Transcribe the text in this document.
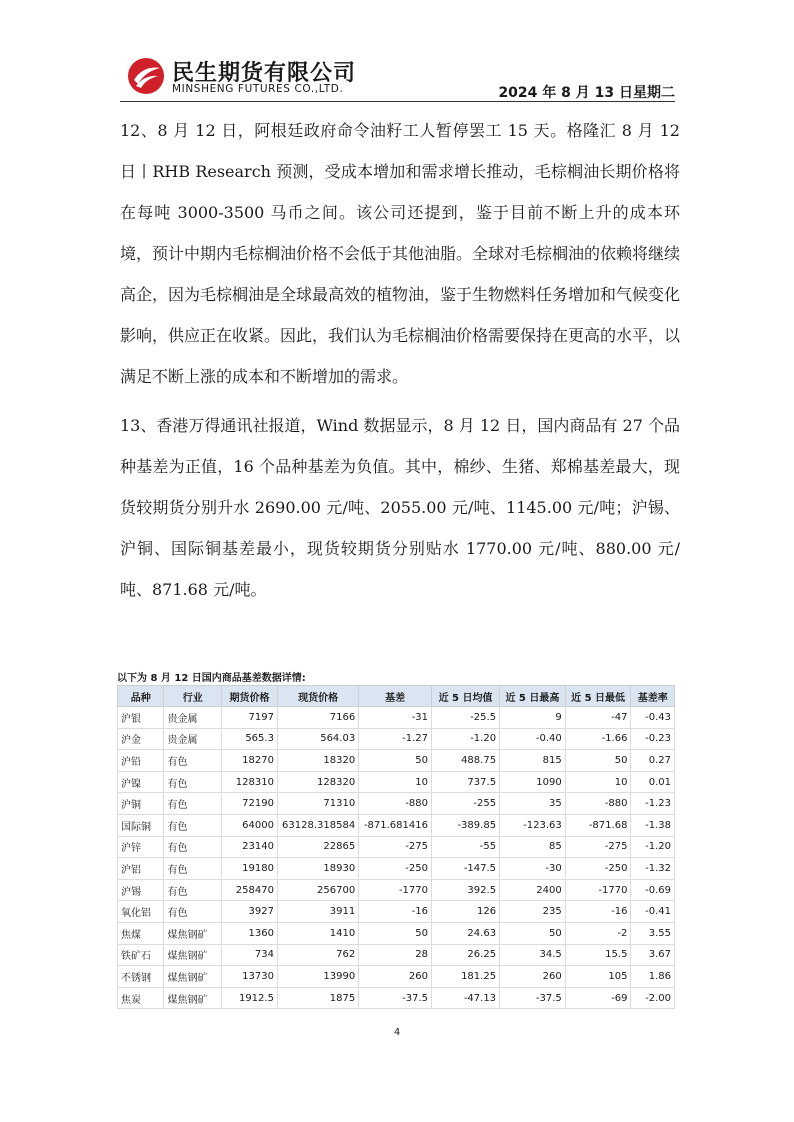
民生期货有限公司
MINSHENG FUTURES CO.,LTD.	2024 年 8 月 13 日星期二

12、8 月 12 日，阿根廷政府命令油籽工人暂停罢工 15 天。格隆汇 8 月 12 日丨RHB Research 预测，受成本增加和需求增长推动，毛棕榈油长期价格将在每吨 3000-3500 马币之间。该公司还提到，鉴于目前不断上升的成本环境，预计中期内毛棕榈油价格不会低于其他油脂。全球对毛棕榈油的依赖将继续高企，因为毛棕榈油是全球最高效的植物油，鉴于生物燃料任务增加和气候变化影响，供应正在收紧。因此，我们认为毛棕榈油价格需要保持在更高的水平，以满足不断上涨的成本和不断增加的需求。

13、香港万得通讯社报道，Wind 数据显示，8 月 12 日，国内商品有 27 个品种基差为正值，16 个品种基差为负值。其中，棉纱、生猪、郑棉基差最大，现货较期货分别升水 2690.00 元/吨、2055.00 元/吨、1145.00 元/吨；沪锡、沪铜、国际铜基差最小，现货较期货分别贴水 1770.00 元/吨、880.00 元/吨、871.68 元/吨。

以下为 8 月 12 日国内商品基差数据详情:
品种	行业	期货价格	现货价格	基差	近 5 日均值	近 5 日最高	近 5 日最低	基差率
沪银	贵金属	7197	7166	-31	-25.5	9	-47	-0.43
沪金	贵金属	565.3	564.03	-1.27	-1.20	-0.40	-1.66	-0.23
沪铅	有色	18270	18320	50	488.75	815	50	0.27
沪镍	有色	128310	128320	10	737.5	1090	10	0.01
沪铜	有色	72190	71310	-880	-255	35	-880	-1.23
国际铜	有色	64000	63128.318584	-871.681416	-389.85	-123.63	-871.68	-1.38
沪锌	有色	23140	22865	-275	-55	85	-275	-1.20
沪铝	有色	19180	18930	-250	-147.5	-30	-250	-1.32
沪锡	有色	258470	256700	-1770	392.5	2400	-1770	-0.69
氧化铝	有色	3927	3911	-16	126	235	-16	-0.41
焦煤	煤焦钢矿	1360	1410	50	24.63	50	-2	3.55
铁矿石	煤焦钢矿	734	762	28	26.25	34.5	15.5	3.67
不锈钢	煤焦钢矿	13730	13990	260	181.25	260	105	1.86
焦炭	煤焦钢矿	1912.5	1875	-37.5	-47.13	-37.5	-69	-2.00
4
